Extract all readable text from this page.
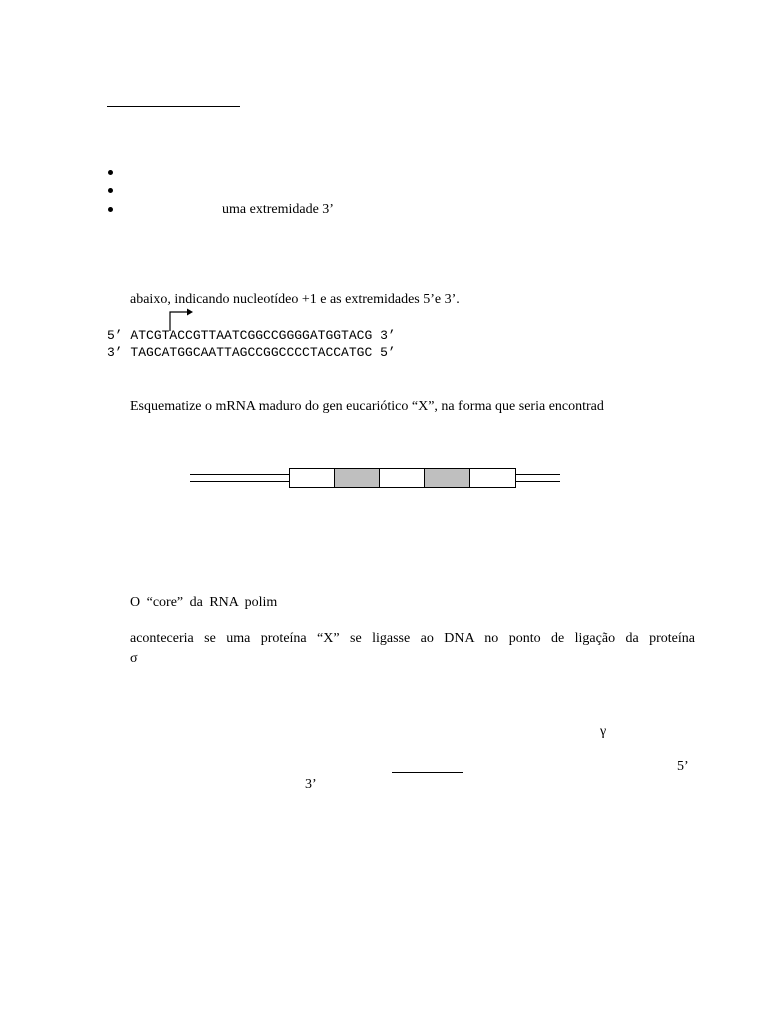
uma extremidade 3’
abaixo, indicando nucleotídeo +1 e as extremidades 5’e 3’.
5’ ATCGTACCGTTAATCGGCCGGGGATGGTACG 3’
3’ TAGCATGGCAATTAGCCGGCCCCTACCATGC 5’
Esquematize o mRNA maduro do gen eucariótico “X”, na forma que seria encontrad
O “core” da RNA polim
aconteceria se uma proteína “X” se ligasse ao DNA no ponto de ligação da proteína
σ
γ
5’
3’
